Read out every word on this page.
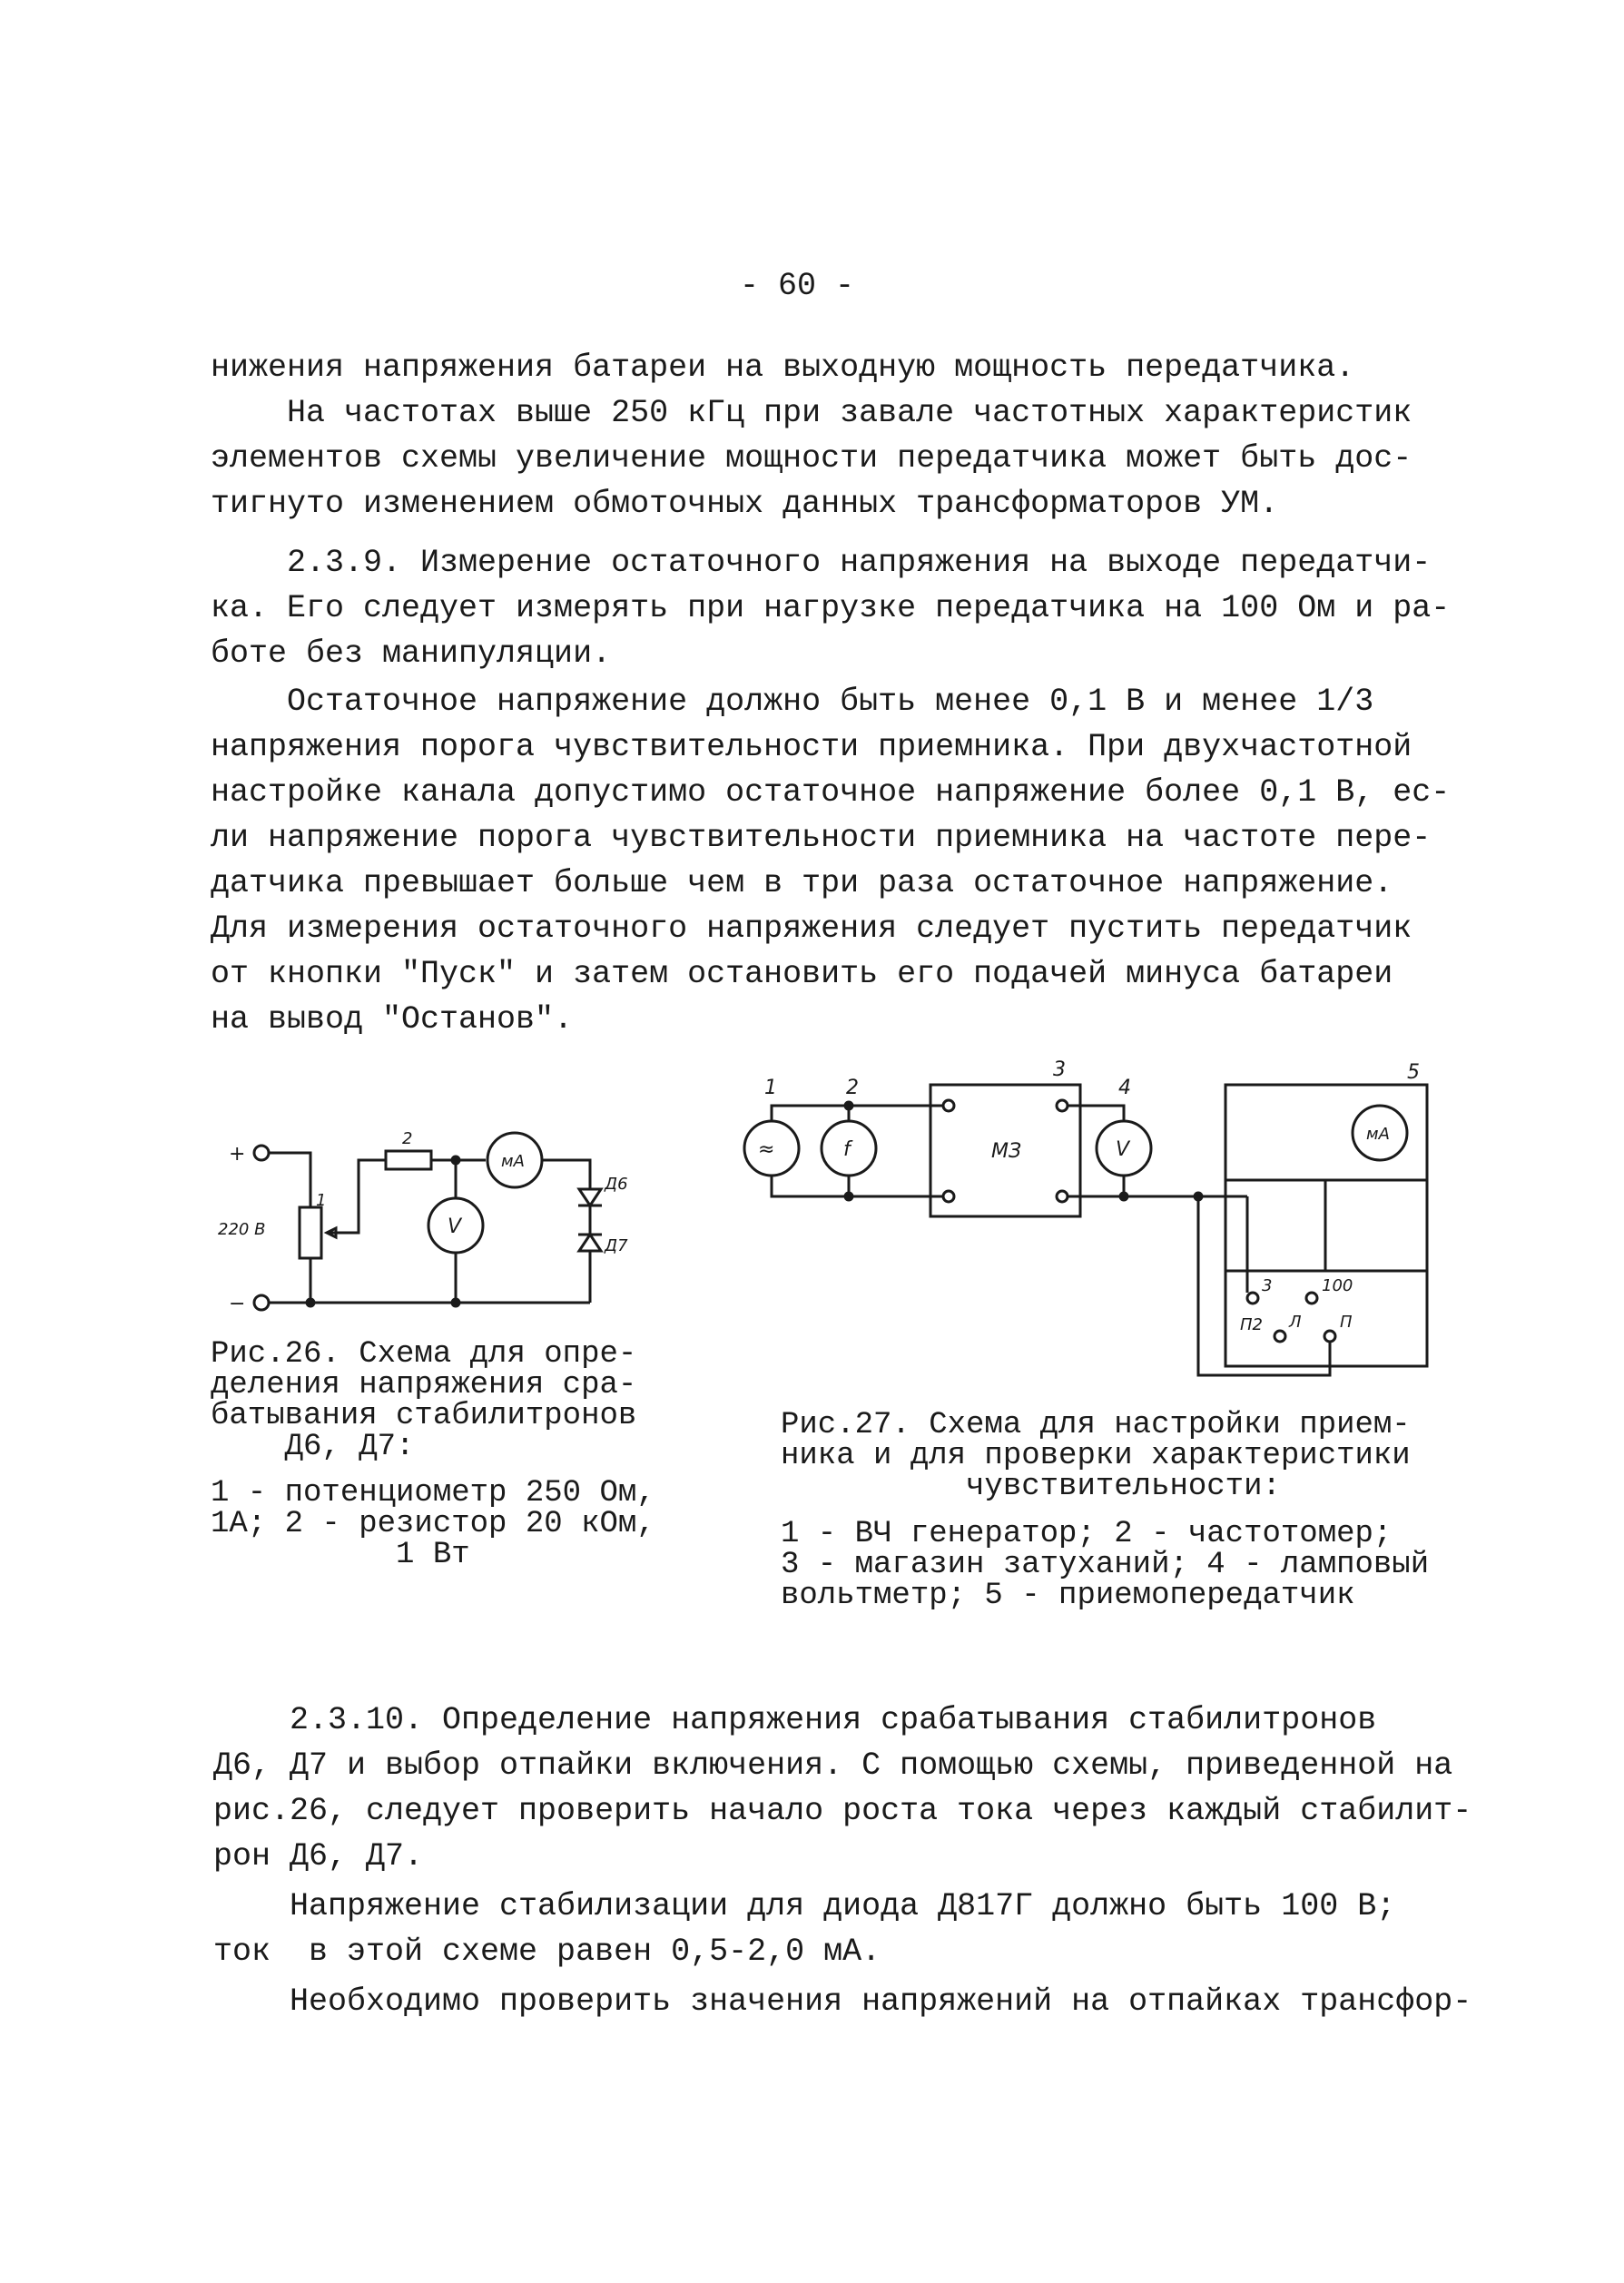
- 60 -
нижения напряжения батареи на выходную мощность передатчика.
На частотах выше 250 кГц при завале частотных характеристик
элементов схемы увеличение мощности передатчика может быть дос-
тигнуто изменением обмоточных данных трансформаторов УМ.
2.3.9. Измерение остаточного напряжения на выходе передатчи-
ка. Его следует измерять при нагрузке передатчика на 100 Ом и ра-
боте без манипуляции.
Остаточное напряжение должно быть менее 0,1 В и менее 1/3
напряжения порога чувствительности приемника. При двухчастотной
настройке канала допустимо остаточное напряжение более 0,1 В, ес-
ли напряжение порога чувствительности приемника на частоте пере-
датчика превышает больше чем в три раза остаточное напряжение.
Для измерения остаточного напряжения следует пустить передатчик
от кнопки "Пуск" и затем остановить его подачей минуса батареи
на вывод "Останов".
+
−
220 В
1
2
V
мА
Д6
Д7
Рис.26. Схема для опре-
деления напряжения сра-
батывания стабилитронов
Д6, Д7:
1 - потенциометр 250 Ом,
1А; 2 - резистор 20 кОм,
1 Вт
5
мА
3	100
П2 Л П
1
≈
2
f
3
МЗ
4
V
Рис.27. Схема для настройки прием-
ника и для проверки характеристики
чувствительности:
1 - ВЧ генератор; 2 - частотомер;
3 - магазин затуханий; 4 - ламповый
вольтметр; 5 - приемопередатчик
2.3.10. Определение напряжения срабатывания стабилитронов
Д6, Д7 и выбор отпайки включения. С помощью схемы, приведенной на
рис.26, следует проверить начало роста тока через каждый стабилит-
рон Д6, Д7.
Напряжение стабилизации для диода Д817Г должно быть 100 В;
ток  в этой схеме равен 0,5-2,0 мА.
Необходимо проверить значения напряжений на отпайках трансфор-
